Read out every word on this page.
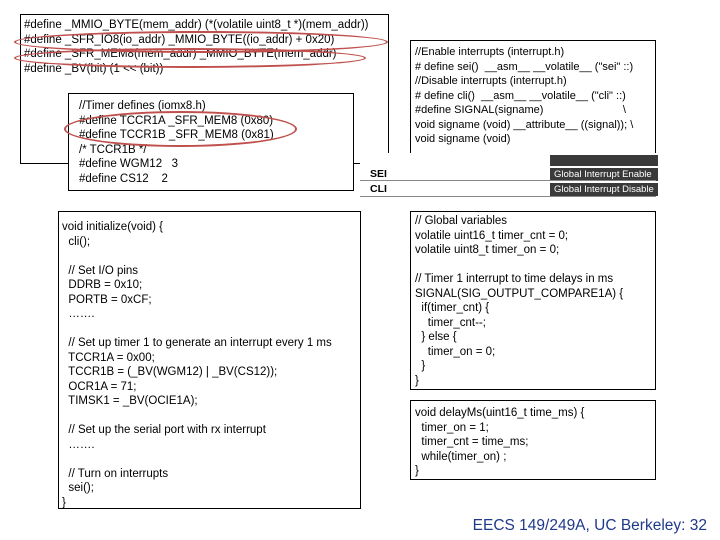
#define _MMIO_BYTE(mem_addr) (*(volatile uint8_t *)(mem_addr))
#define _SFR_IO8(io_addr) _MMIO_BYTE((io_addr) + 0x20)
#define _SFR_MEM8(mem_addr) _MMIO_BYTE(mem_addr)
#define _BV(bit) (1 << (bit))
//Timer defines (iomx8.h)
#define TCCR1A _SFR_MEM8 (0x80)
#define TCCR1B _SFR_MEM8 (0x81)
/* TCCR1B */
#define WGM12   3
#define CS12    2
//Enable interrupts (interrupt.h)
# define sei()  __asm__ __volatile__ ("sei" ::)
//Disable interrupts (interrupt.h)
# define cli()  __asm__ __volatile__ ("cli" ::)
#define SIGNAL(signame)                          \
void signame (void) __attribute__ ((signal)); \
void signame (void)
SEI	Global Interrupt Enable
CLI	Global Interrupt Disable
void initialize(void) {
cli();
// Set I/O pins
DDRB = 0x10;
PORTB = 0xCF;
…….
// Set up timer 1 to generate an interrupt every 1 ms
TCCR1A = 0x00;
TCCR1B = (_BV(WGM12) | _BV(CS12));
OCR1A = 71;
TIMSK1 = _BV(OCIE1A);
// Set up the serial port with rx interrupt
…….
// Turn on interrupts
sei();
}
// Global variables
volatile uint16_t timer_cnt = 0;
volatile uint8_t timer_on = 0;
// Timer 1 interrupt to time delays in ms
SIGNAL(SIG_OUTPUT_COMPARE1A) {
if(timer_cnt) {
timer_cnt--;
} else {
timer_on = 0;
}
}
void delayMs(uint16_t time_ms) {
timer_on = 1;
timer_cnt = time_ms;
while(timer_on) ;
}
EECS 149/249A, UC Berkeley: 32
